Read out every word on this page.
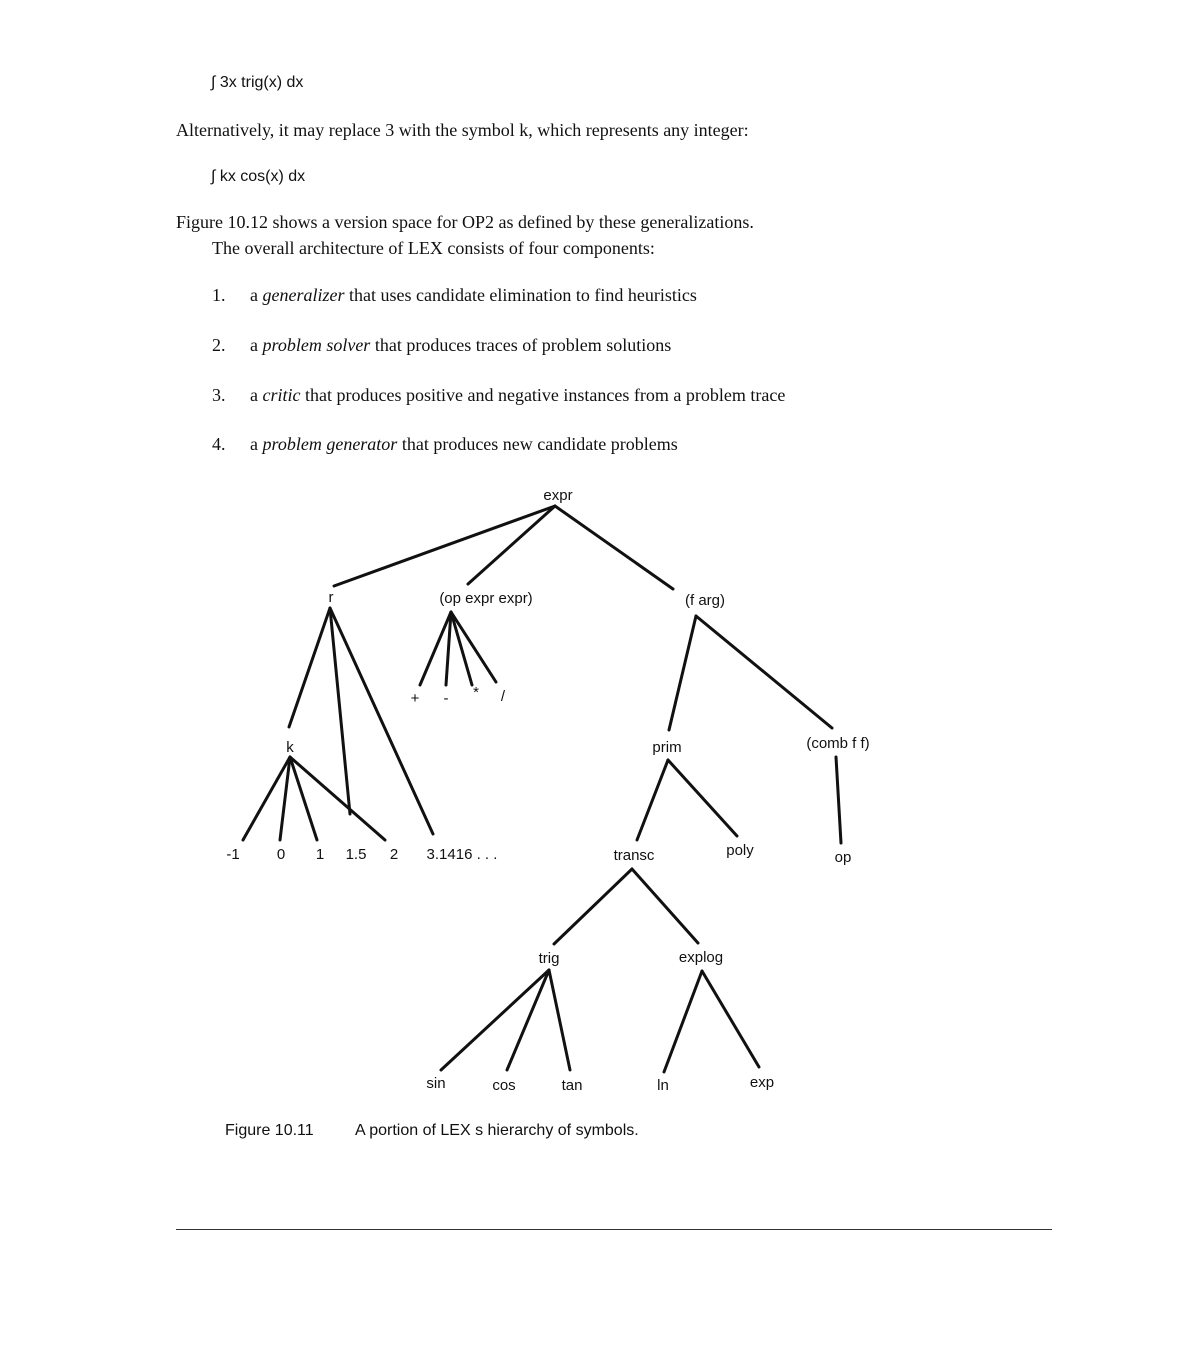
∫ 3x trig(x) dx
Alternatively, it may replace 3 with the symbol k, which represents any integer:
∫ kx cos(x) dx
Figure 10.12 shows a version space for OP2 as defined by these generalizations.
The overall architecture of LEX consists of four components:
1. a generalizer that uses candidate elimination to find heuristics
2. a problem solver that produces traces of problem solutions
3. a critic that produces positive and negative instances from a problem trace
4. a problem generator that produces new candidate problems
expr
r	(op expr expr)	(f arg)
+ - * /
k	prim	(comb f f)
-1 0 1 1.5 2 3.1416 . . .	transc	poly	op
trig	explog
sin	cos	tan	ln	exp
Figure 10.11	A portion of LEX s hierarchy of symbols.
